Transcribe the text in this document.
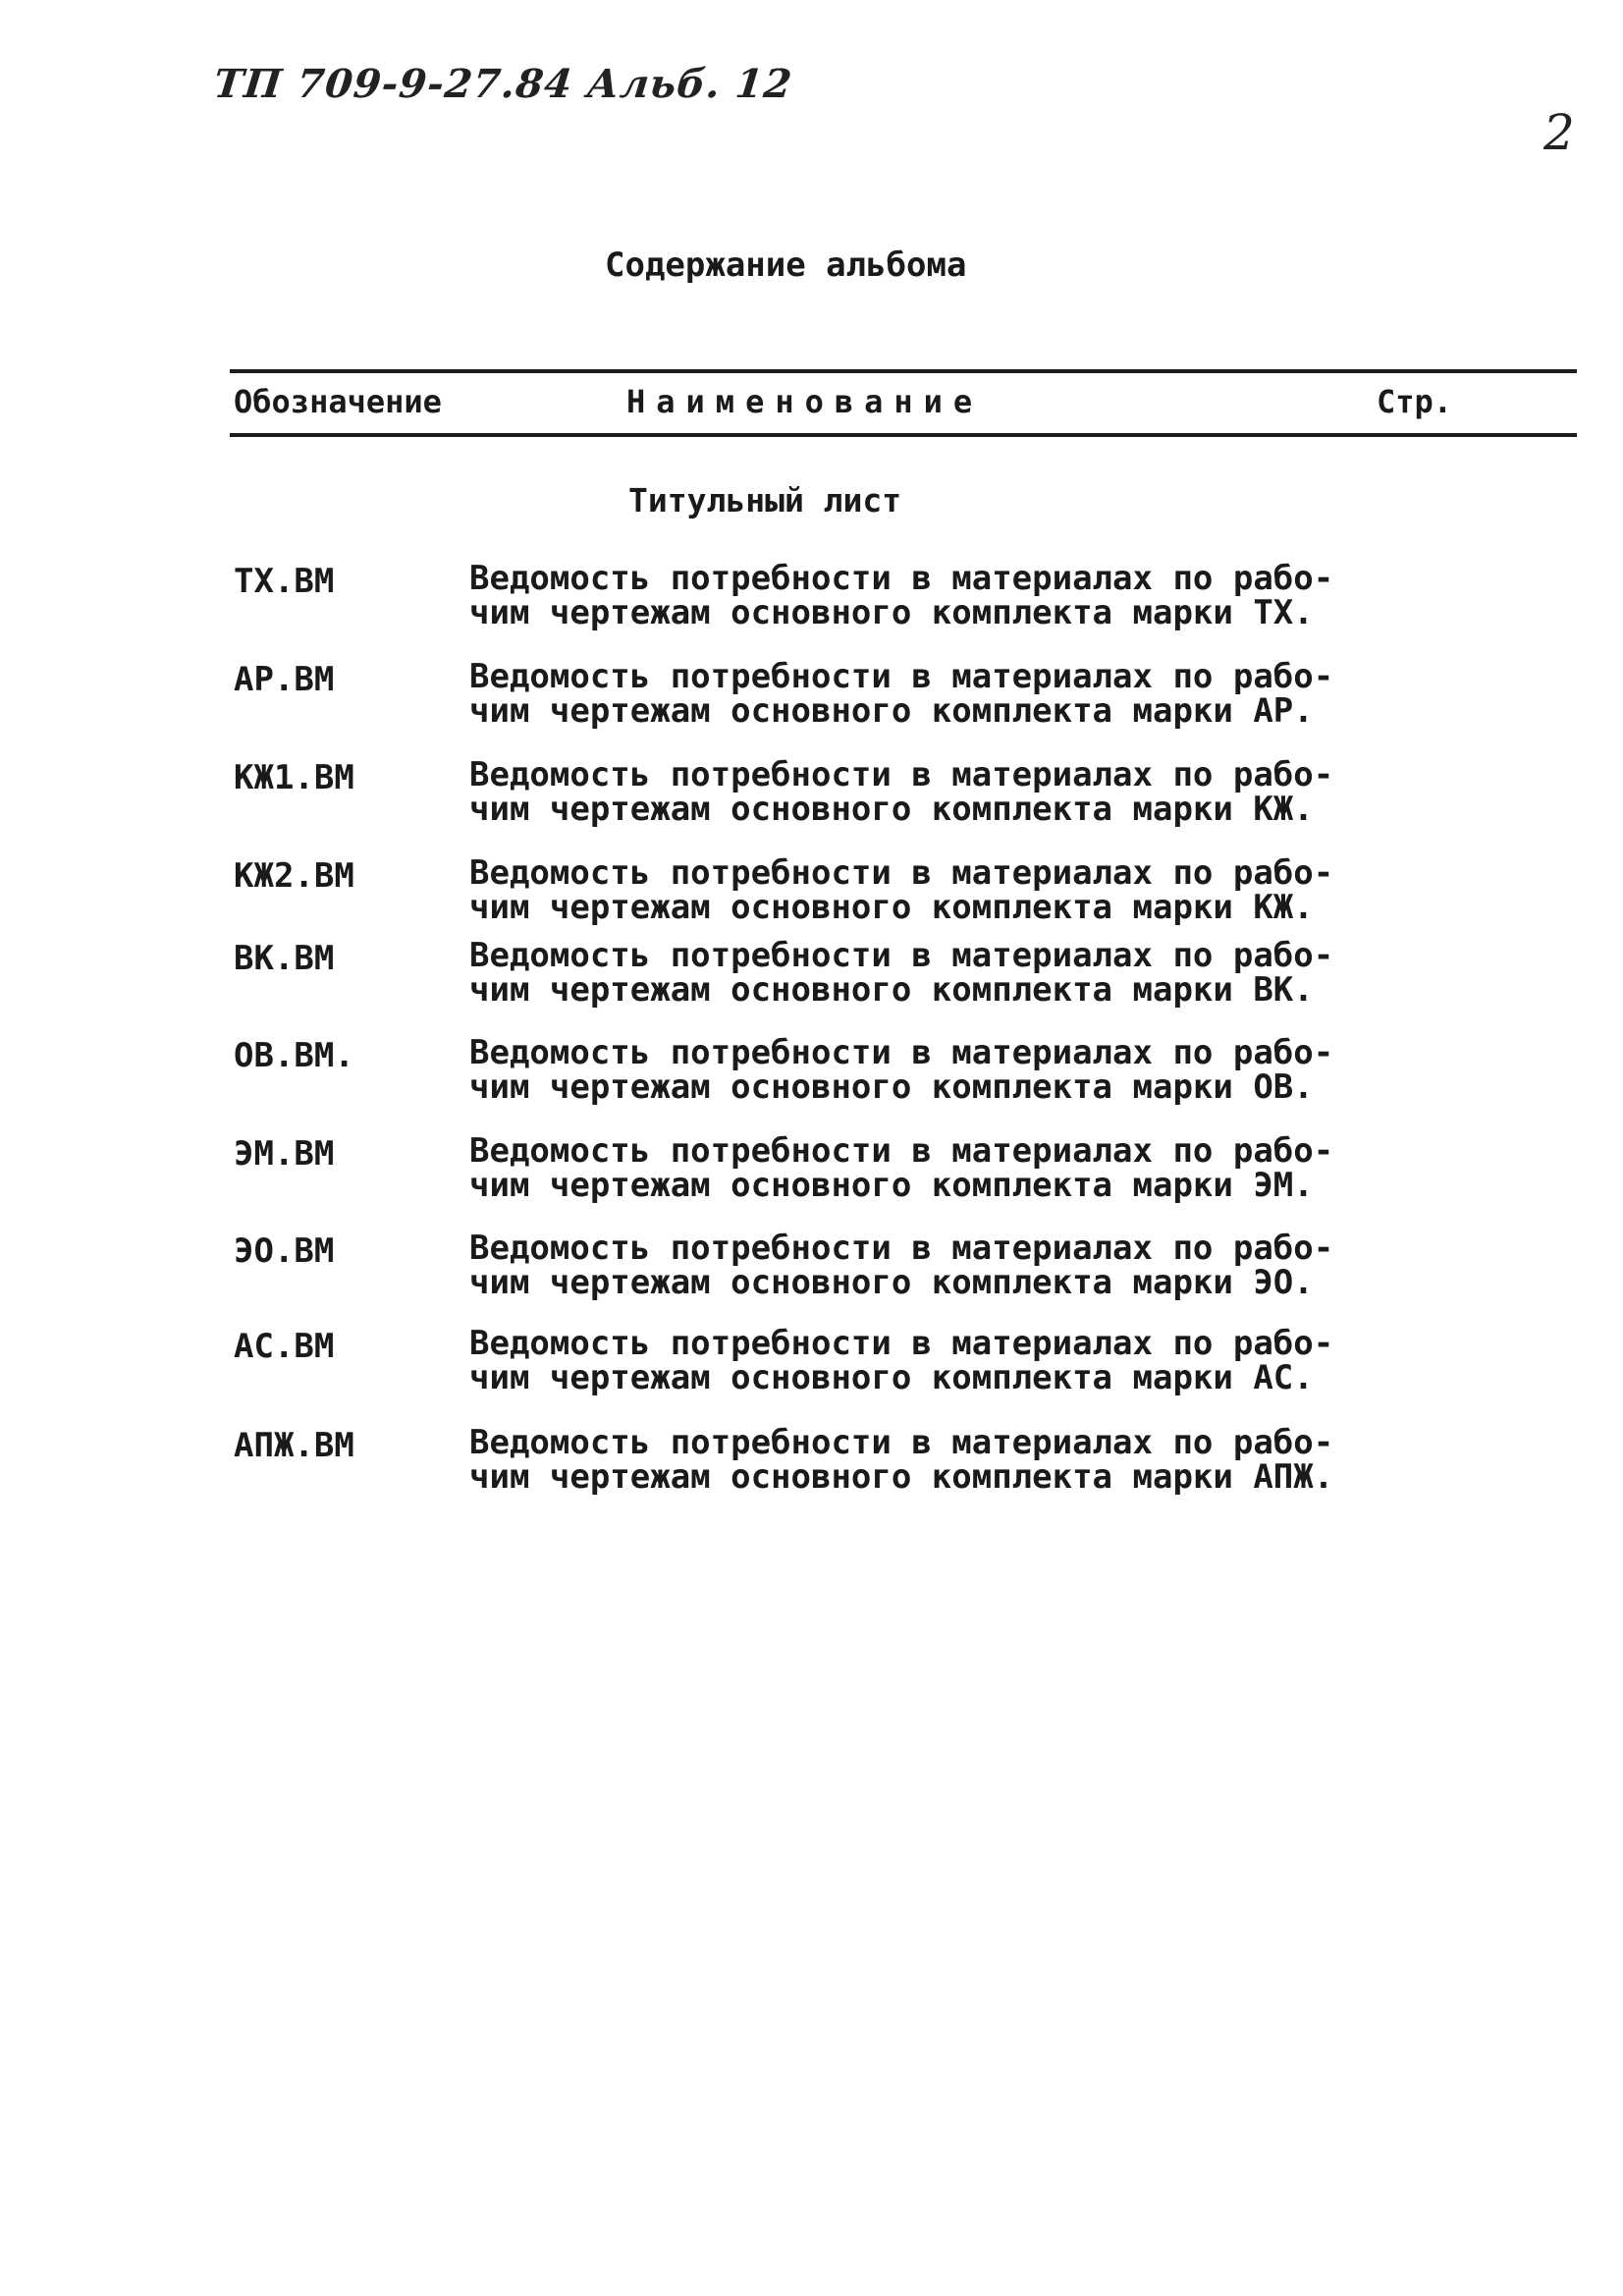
ТП 709-9-27.84 Альб. 12
2
Содержание альбома
Обозначение	Наименование	Стр.
Титульный лист
ТХ.ВМ	Ведомость потребности в материалах по рабо-
чим чертежам основного комплекта марки ТХ.
АР.ВМ	Ведомость потребности в материалах по рабо-
чим чертежам основного комплекта марки АР.
КЖ1.ВМ	Ведомость потребности в материалах по рабо-
чим чертежам основного комплекта марки КЖ.
КЖ2.ВМ	Ведомость потребности в материалах по рабо-
чим чертежам основного комплекта марки КЖ.
ВК.ВМ	Ведомость потребности в материалах по рабо-
чим чертежам основного комплекта марки ВК.
ОВ.ВМ.	Ведомость потребности в материалах по рабо-
чим чертежам основного комплекта марки ОВ.
ЭМ.ВМ	Ведомость потребности в материалах по рабо-
чим чертежам основного комплекта марки ЭМ.
ЭО.ВМ	Ведомость потребности в материалах по рабо-
чим чертежам основного комплекта марки ЭО.
АС.ВМ	Ведомость потребности в материалах по рабо-
чим чертежам основного комплекта марки АС.
АПЖ.ВМ	Ведомость потребности в материалах по рабо-
чим чертежам основного комплекта марки АПЖ.
